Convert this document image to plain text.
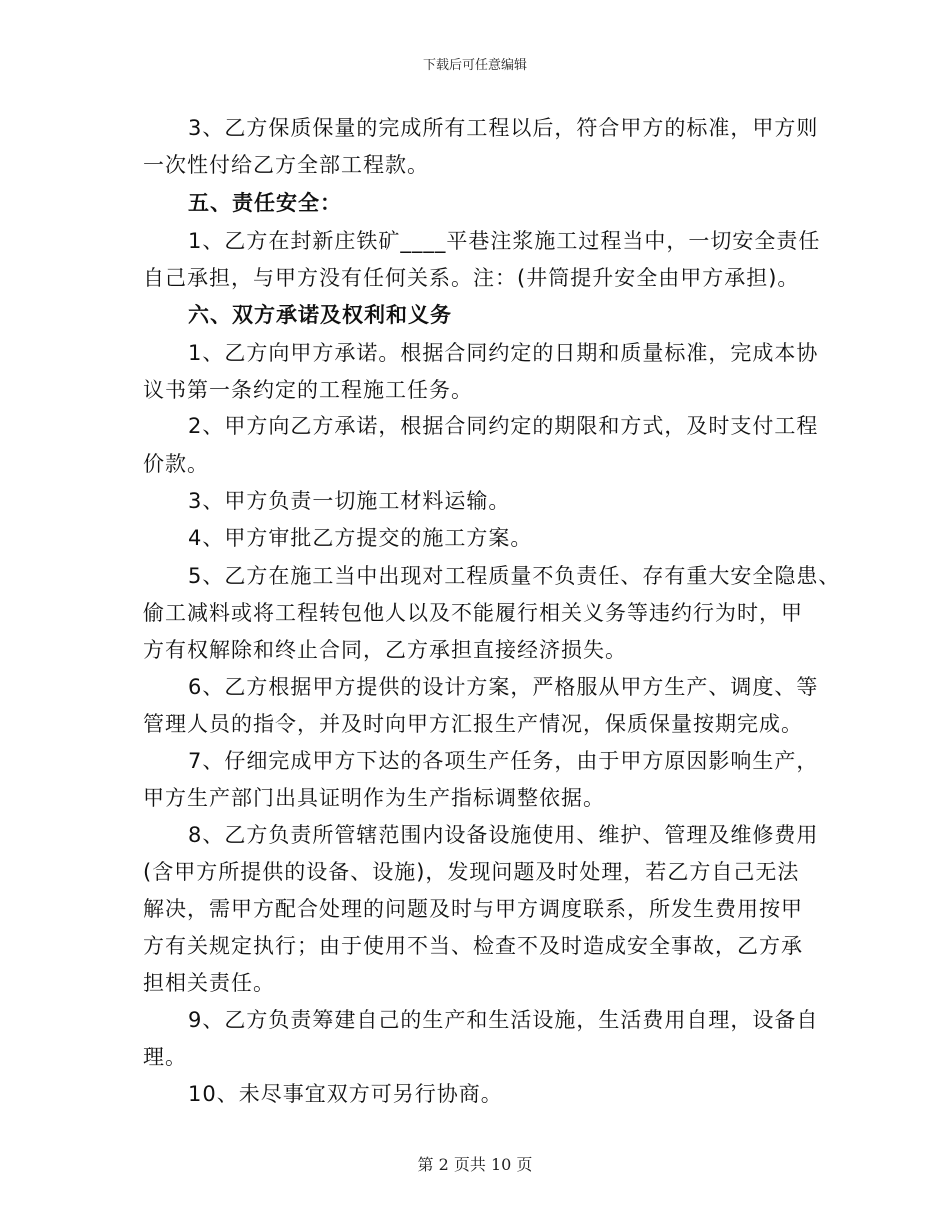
下载后可任意编辑
3、乙方保质保量的完成所有工程以后，符合甲方的标准，甲方则
一次性付给乙方全部工程款。
五、责任安全：
1、乙方在封新庄铁矿____平巷注浆施工过程当中，一切安全责任
自己承担，与甲方没有任何关系。注：(井筒提升安全由甲方承担)。
六、双方承诺及权利和义务
1、乙方向甲方承诺。根据合同约定的日期和质量标准，完成本协
议书第一条约定的工程施工任务。
2、甲方向乙方承诺，根据合同约定的期限和方式，及时支付工程
价款。
3、甲方负责一切施工材料运输。
4、甲方审批乙方提交的施工方案。
5、乙方在施工当中出现对工程质量不负责任、存有重大安全隐患、
偷工减料或将工程转包他人以及不能履行相关义务等违约行为时，甲
方有权解除和终止合同，乙方承担直接经济损失。
6、乙方根据甲方提供的设计方案，严格服从甲方生产、调度、等
管理人员的指令，并及时向甲方汇报生产情况，保质保量按期完成。
7、仔细完成甲方下达的各项生产任务，由于甲方原因影响生产，
甲方生产部门出具证明作为生产指标调整依据。
8、乙方负责所管辖范围内设备设施使用、维护、管理及维修费用
(含甲方所提供的设备、设施)，发现问题及时处理，若乙方自己无法
解决，需甲方配合处理的问题及时与甲方调度联系，所发生费用按甲
方有关规定执行；由于使用不当、检查不及时造成安全事故，乙方承
担相关责任。
9、乙方负责筹建自己的生产和生活设施，生活费用自理，设备自
理。
10、未尽事宜双方可另行协商。
第 2 页共 10 页
